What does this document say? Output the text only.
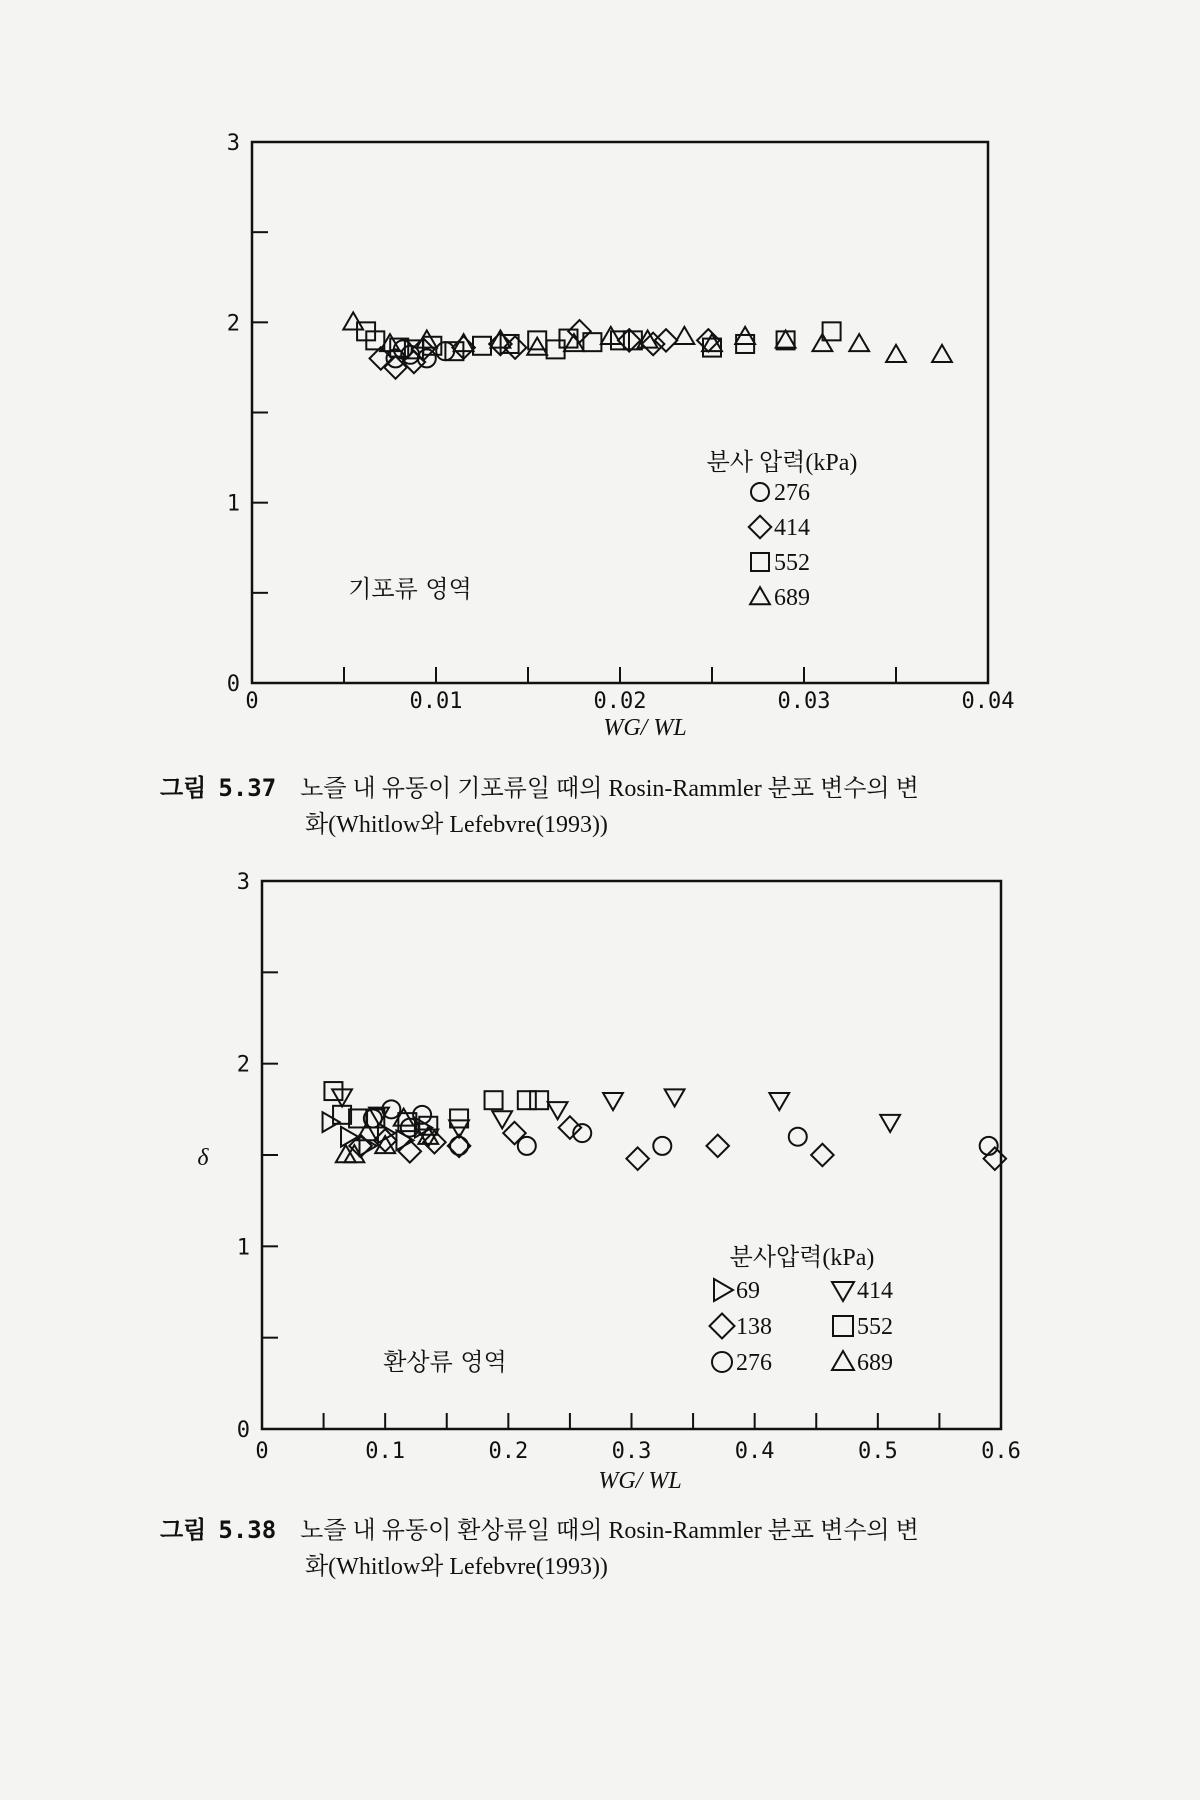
0
1
2
3
0	0.01	0.02	0.03	0.04
WG/ WL
기포류 영역
분사 압력(kPa)
276
414
552
689
0
1
2
3
0	0.1	0.2	0.3	0.4	0.5	0.6
WG/ WL
δ
환상류 영역
분사압력(kPa)
69	414
138	552
276	689
그림 5.37 노즐 내 유동이 기포류일 때의 Rosin-Rammler 분포 변수의 변
화(Whitlow와 Lefebvre(1993))
그림 5.38 노즐 내 유동이 환상류일 때의 Rosin-Rammler 분포 변수의 변
화(Whitlow와 Lefebvre(1993))
